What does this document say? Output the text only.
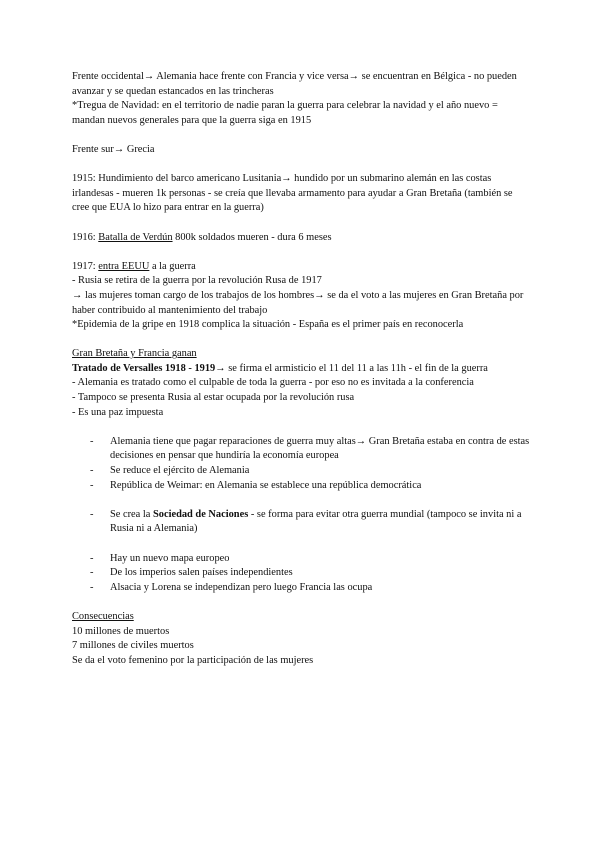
Frente occidental→ Alemania hace frente con Francia y vice versa→ se encuentran en Bélgica - no pueden avanzar y se quedan estancados en las trincheras

*Tregua de Navidad: en el territorio de nadie paran la guerra para celebrar la navidad y el año nuevo = mandan nuevos generales para que la guerra siga en 1915

Frente sur→ Grecia

1915: Hundimiento del barco americano Lusitania→ hundido por un submarino alemán en las costas irlandesas - mueren 1k personas - se creía que llevaba armamento para ayudar a Gran Bretaña (también se cree que EUA lo hizo para entrar en la guerra)

1916: Batalla de Verdún 800k soldados mueren - dura 6 meses

1917: entra EEUU a la guerra

- Rusia se retira de la guerra por la revolución Rusa de 1917

→ las mujeres toman cargo de los trabajos de los hombres→ se da el voto a las mujeres en Gran Bretaña por haber contribuido al mantenimiento del trabajo

*Epidemia de la gripe en 1918 complica la situación - España es el primer país en reconocerla

Gran Bretaña y Francia ganan

Tratado de Versalles 1918 - 1919→ se firma el armisticio el 11 del 11 a las 11h - el fin de la guerra

- Alemania es tratado como el culpable de toda la guerra - por eso no es invitada a la conferencia

- Tampoco se presenta Rusia al estar ocupada por la revolución rusa

- Es una paz impuesta

- Alemania tiene que pagar reparaciones de guerra muy altas→ Gran Bretaña estaba en contra de estas decisiones en pensar que hundiría la economía europea
- Se reduce el ejército de Alemania
- República de Weimar: en Alemania se establece una república democrática
- Se crea la Sociedad de Naciones - se forma para evitar otra guerra mundial (tampoco se invita ni a Rusia ni a Alemania)
- Hay un nuevo mapa europeo
- De los imperios salen países independientes
- Alsacia y Lorena se independizan pero luego Francia las ocupa

Consecuencias

10 millones de muertos

7 millones de civiles muertos

Se da el voto femenino por la participación de las mujeres
